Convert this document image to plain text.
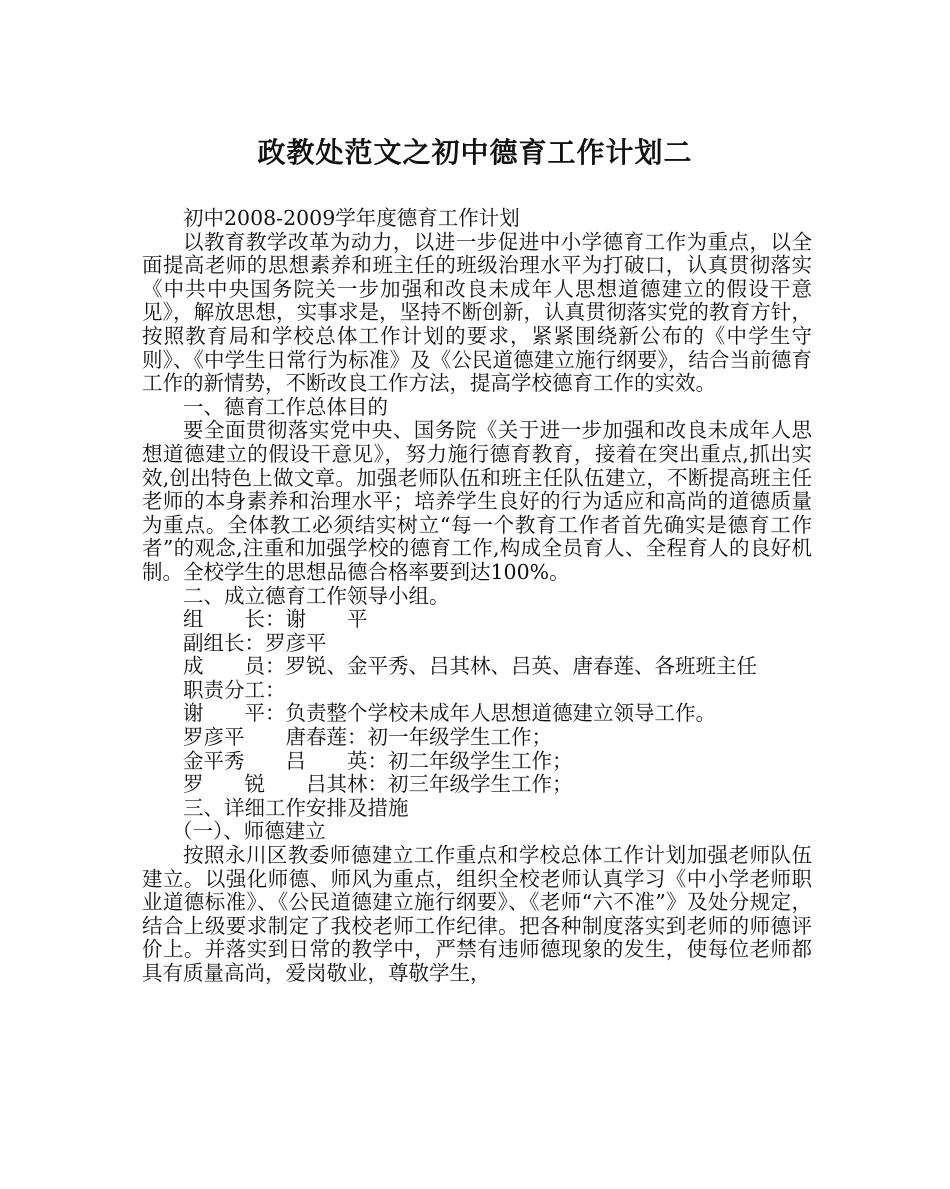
政教处范文之初中德育工作计划二
初中2008-2009学年度德育工作计划
以教育教学改革为动力，以进一步促进中小学德育工作为重点，以全面提高老师的思想素养和班主任的班级治理水平为打破口，认真贯彻落实《中共中央国务院关一步加强和改良未成年人思想道德建立的假设干意见》，解放思想，实事求是，坚持不断创新，认真贯彻落实党的教育方针，按照教育局和学校总体工作计划的要求，紧紧围绕新公布的《中学生守则》、《中学生日常行为标准》及《公民道德建立施行纲要》，结合当前德育工作的新情势，不断改良工作方法，提高学校德育工作的实效。
一、德育工作总体目的
要全面贯彻落实党中央、国务院《关于进一步加强和改良未成年人思想道德建立的假设干意见》，努力施行德育教育，接着在突出重点,抓出实效,创出特色上做文章。加强老师队伍和班主任队伍建立，不断提高班主任老师的本身素养和治理水平；培养学生良好的行为适应和高尚的道德质量为重点。全体教工必须结实树立“每一个教育工作者首先确实是德育工作者”的观念,注重和加强学校的德育工作,构成全员育人、全程育人的良好机制。全校学生的思想品德合格率要到达100%。
二、成立德育工作领导小组。
组　　长：谢　　平
副组长：罗彦平
成　　员：罗锐、金平秀、吕其林、吕英、唐春莲、各班班主任
职责分工：
谢　　平：负责整个学校未成年人思想道德建立领导工作。
罗彦平　　唐春莲：初一年级学生工作；
金平秀　　吕　　英：初二年级学生工作；
罗　　锐　　吕其林：初三年级学生工作；
三、详细工作安排及措施
（一）、师德建立
按照永川区教委师德建立工作重点和学校总体工作计划加强老师队伍建立。以强化师德、师风为重点，组织全校老师认真学习《中小学老师职业道德标准》、《公民道德建立施行纲要》、《老师“六不准”》及处分规定，结合上级要求制定了我校老师工作纪律。把各种制度落实到老师的师德评价上。并落实到日常的教学中，严禁有违师德现象的发生，使每位老师都具有质量高尚，爱岗敬业，尊敬学生，
